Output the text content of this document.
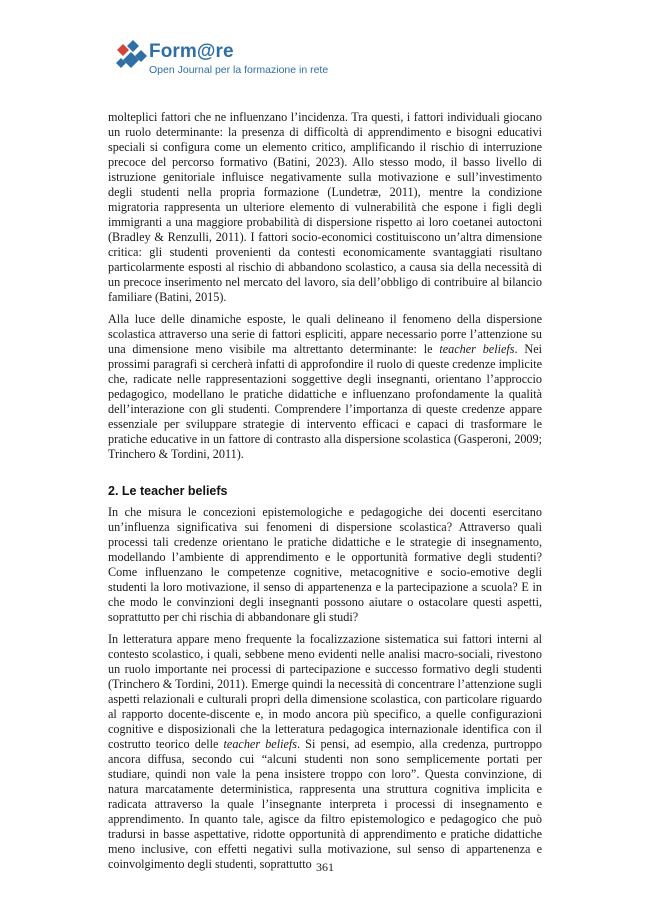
Form@re
Open Journal per la formazione in rete

molteplici fattori che ne influenzano l’incidenza. Tra questi, i fattori individuali giocano un ruolo determinante: la presenza di difficoltà di apprendimento e bisogni educativi speciali si configura come un elemento critico, amplificando il rischio di interruzione precoce del percorso formativo (Batini, 2023). Allo stesso modo, il basso livello di istruzione genitoriale influisce negativamente sulla motivazione e sull’investimento degli studenti nella propria formazione (Lundetræ, 2011), mentre la condizione migratoria rappresenta un ulteriore elemento di vulnerabilità che espone i figli degli immigranti a una maggiore probabilità di dispersione rispetto ai loro coetanei autoctoni (Bradley & Renzulli, 2011). I fattori socio-economici costituiscono un’altra dimensione critica: gli studenti provenienti da contesti economicamente svantaggiati risultano particolarmente esposti al rischio di abbandono scolastico, a causa sia della necessità di un precoce inserimento nel mercato del lavoro, sia dell’obbligo di contribuire al bilancio familiare (Batini, 2015).

Alla luce delle dinamiche esposte, le quali delineano il fenomeno della dispersione scolastica attraverso una serie di fattori espliciti, appare necessario porre l’attenzione su una dimensione meno visibile ma altrettanto determinante: le teacher beliefs. Nei prossimi paragrafi si cercherà infatti di approfondire il ruolo di queste credenze implicite che, radicate nelle rappresentazioni soggettive degli insegnanti, orientano l’approccio pedagogico, modellano le pratiche didattiche e influenzano profondamente la qualità dell’interazione con gli studenti. Comprendere l’importanza di queste credenze appare essenziale per sviluppare strategie di intervento efficaci e capaci di trasformare le pratiche educative in un fattore di contrasto alla dispersione scolastica (Gasperoni, 2009; Trinchero & Tordini, 2011).

2. Le teacher beliefs

In che misura le concezioni epistemologiche e pedagogiche dei docenti esercitano un’influenza significativa sui fenomeni di dispersione scolastica? Attraverso quali processi tali credenze orientano le pratiche didattiche e le strategie di insegnamento, modellando l’ambiente di apprendimento e le opportunità formative degli studenti? Come influenzano le competenze cognitive, metacognitive e socio-emotive degli studenti la loro motivazione, il senso di appartenenza e la partecipazione a scuola? E in che modo le convinzioni degli insegnanti possono aiutare o ostacolare questi aspetti, soprattutto per chi rischia di abbandonare gli studi?

In letteratura appare meno frequente la focalizzazione sistematica sui fattori interni al contesto scolastico, i quali, sebbene meno evidenti nelle analisi macro-sociali, rivestono un ruolo importante nei processi di partecipazione e successo formativo degli studenti (Trinchero & Tordini, 2011). Emerge quindi la necessità di concentrare l’attenzione sugli aspetti relazionali e culturali propri della dimensione scolastica, con particolare riguardo al rapporto docente-discente e, in modo ancora più specifico, a quelle configurazioni cognitive e disposizionali che la letteratura pedagogica internazionale identifica con il costrutto teorico delle teacher beliefs. Si pensi, ad esempio, alla credenza, purtroppo ancora diffusa, secondo cui “alcuni studenti non sono semplicemente portati per studiare, quindi non vale la pena insistere troppo con loro”. Questa convinzione, di natura marcatamente deterministica, rappresenta una struttura cognitiva implicita e radicata attraverso la quale l’insegnante interpreta i processi di insegnamento e apprendimento. In quanto tale, agisce da filtro epistemologico e pedagogico che può tradursi in basse aspettative, ridotte opportunità di apprendimento e pratiche didattiche meno inclusive, con effetti negativi sulla motivazione, sul senso di appartenenza e coinvolgimento degli studenti, soprattutto 361
